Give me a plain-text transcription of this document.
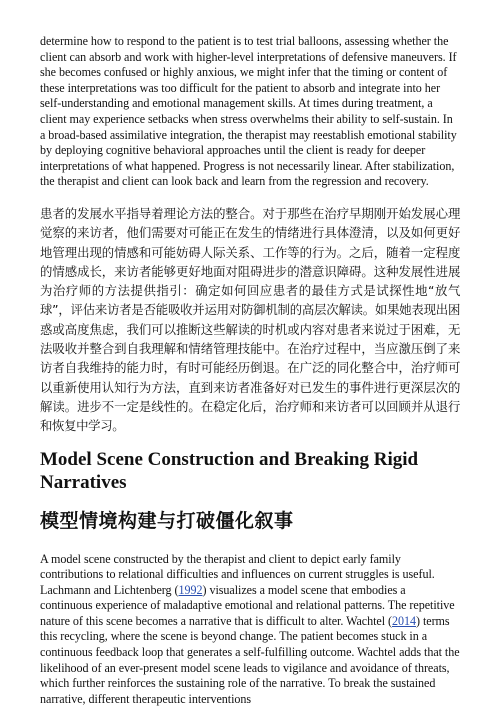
determine how to respond to the patient is to test trial balloons, assessing whether the client can absorb and work with higher-level interpretations of defensive maneuvers. If she becomes confused or highly anxious, we might infer that the timing or content of these interpretations was too difficult for the patient to absorb and integrate into her self-understanding and emotional management skills. At times during treatment, a client may experience setbacks when stress overwhelms their ability to self-sustain. In a broad-based assimilative integration, the therapist may reestablish emotional stability by deploying cognitive behavioral approaches until the client is ready for deeper interpretations of what happened. Progress is not necessarily linear. After stabilization, the therapist and client can look back and learn from the regression and recovery.

患者的发展水平指导着理论方法的整合。对于那些在治疗早期刚开始发展心理觉察的来访者，他们需要对可能正在发生的情绪进行具体澄清，以及如何更好地管理出现的情感和可能妨碍人际关系、工作等的行为。之后，随着一定程度的情感成长，来访者能够更好地面对阻碍进步的潜意识障碍。这种发展性进展为治疗师的方法提供指引：确定如何回应患者的最佳方式是试探性地“放气球”，评估来访者是否能吸收并运用对防御机制的高层次解读。如果她表现出困惑或高度焦虑，我们可以推断这些解读的时机或内容对患者来说过于困难，无法吸收并整合到自我理解和情绪管理技能中。在治疗过程中，当应激压倒了来访者自我维持的能力时，有时可能经历倒退。在广泛的同化整合中，治疗师可以重新使用认知行为方法，直到来访者准备好对已发生的事件进行更深层次的解读。进步不一定是线性的。在稳定化后，治疗师和来访者可以回顾并从退行和恢复中学习。

Model Scene Construction and Breaking Rigid Narratives
模型情境构建与打破僵化叙事

A model scene constructed by the therapist and client to depict early family contributions to relational difficulties and influences on current struggles is useful. Lachmann and Lichtenberg (1992) visualizes a model scene that embodies a continuous experience of maladaptive emotional and relational patterns. The repetitive nature of this scene becomes a narrative that is difficult to alter. Wachtel (2014) terms this recycling, where the scene is beyond change. The patient becomes stuck in a continuous feedback loop that generates a self-fulfilling outcome. Wachtel adds that the likelihood of an ever-present model scene leads to vigilance and avoidance of threats, which further reinforces the sustaining role of the narrative. To break the sustained narrative, different therapeutic interventions
